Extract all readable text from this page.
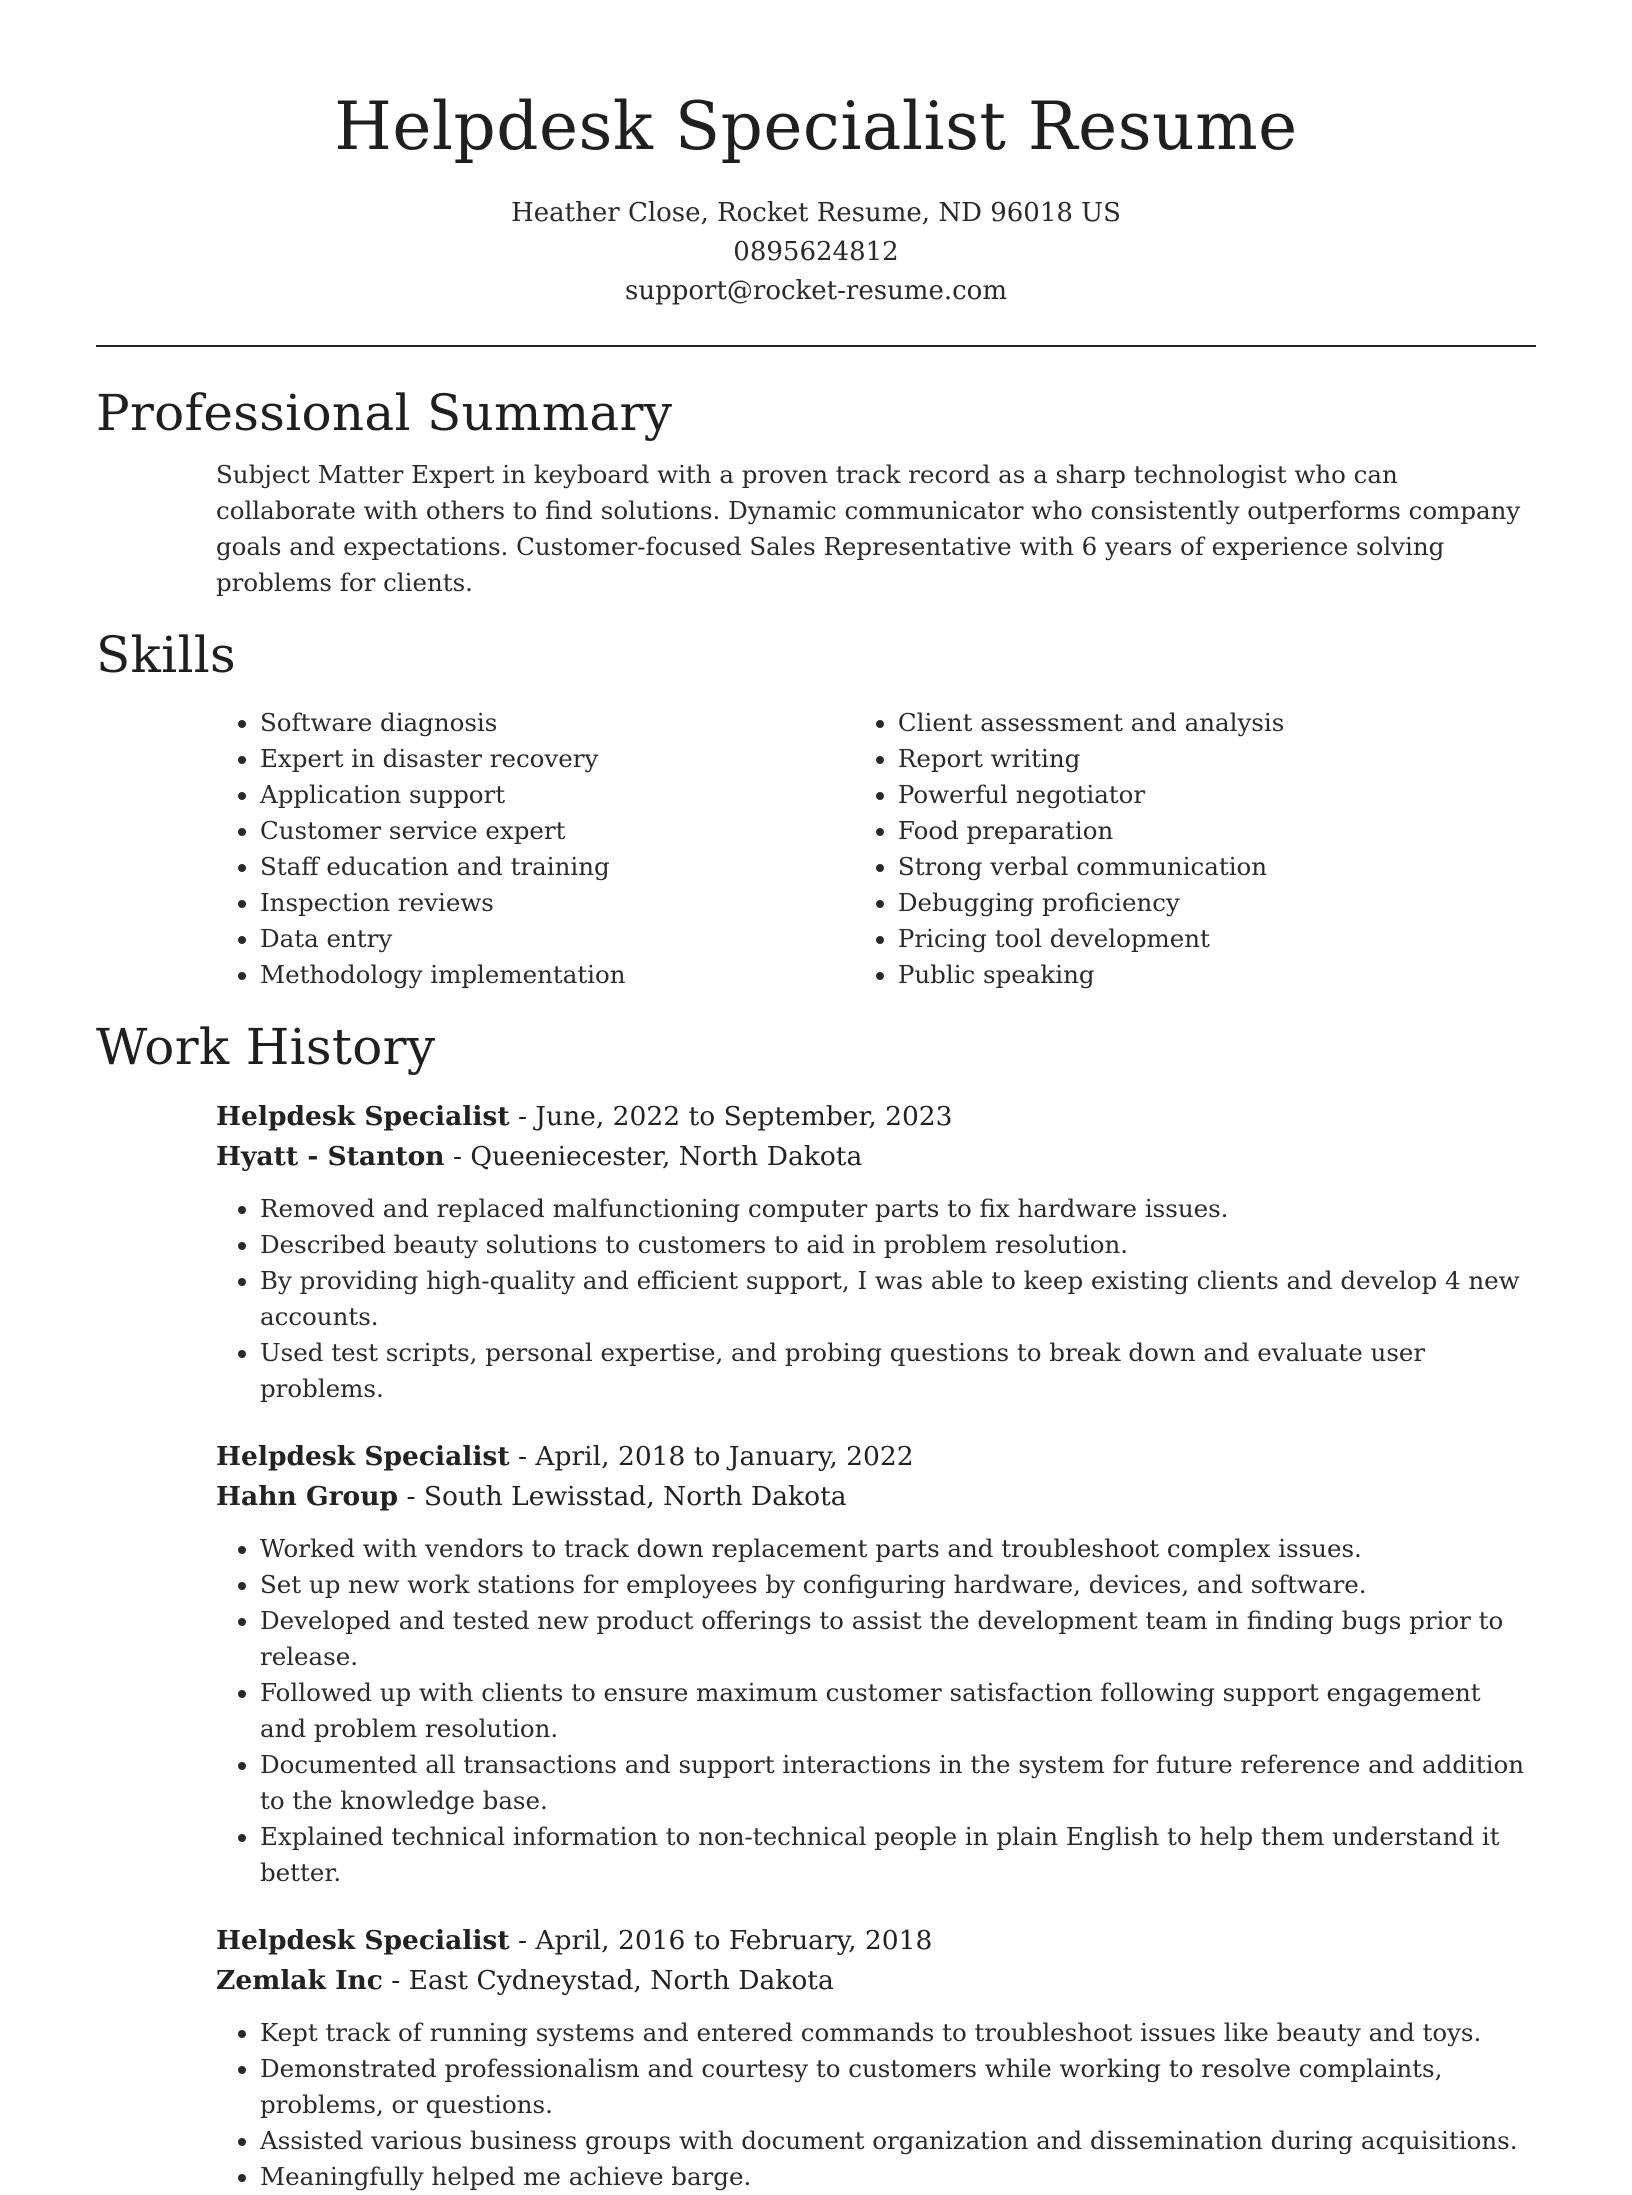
Helpdesk Specialist Resume
Heather Close, Rocket Resume, ND 96018 US
0895624812
support@rocket-resume.com
Professional Summary

Subject Matter Expert in keyboard with a proven track record as a sharp technologist who can collaborate with others to find solutions. Dynamic communicator who consistently outperforms company goals and expectations. Customer-focused Sales Representative with 6 years of experience solving problems for clients.

Skills
• Software diagnosis
• Expert in disaster recovery
• Application support
• Customer service expert
• Staff education and training
• Inspection reviews
• Data entry
• Methodology implementation
• Client assessment and analysis
• Report writing
• Powerful negotiator
• Food preparation
• Strong verbal communication
• Debugging proficiency
• Pricing tool development
• Public speaking
Work History
Helpdesk Specialist - June, 2022 to September, 2023
Hyatt - Stanton - Queeniecester, North Dakota
• Removed and replaced malfunctioning computer parts to fix hardware issues.
• Described beauty solutions to customers to aid in problem resolution.
• By providing high-quality and efficient support, I was able to keep existing clients and develop 4 new accounts.
• Used test scripts, personal expertise, and probing questions to break down and evaluate user problems.
Helpdesk Specialist - April, 2018 to January, 2022
Hahn Group - South Lewisstad, North Dakota
• Worked with vendors to track down replacement parts and troubleshoot complex issues.
• Set up new work stations for employees by configuring hardware, devices, and software.
• Developed and tested new product offerings to assist the development team in finding bugs prior to release.
• Followed up with clients to ensure maximum customer satisfaction following support engagement and problem resolution.
• Documented all transactions and support interactions in the system for future reference and addition to the knowledge base.
• Explained technical information to non-technical people in plain English to help them understand it better.
Helpdesk Specialist - April, 2016 to February, 2018
Zemlak Inc - East Cydneystad, North Dakota
• Kept track of running systems and entered commands to troubleshoot issues like beauty and toys.
• Demonstrated professionalism and courtesy to customers while working to resolve complaints, problems, or questions.
• Assisted various business groups with document organization and dissemination during acquisitions.
• Meaningfully helped me achieve barge.
